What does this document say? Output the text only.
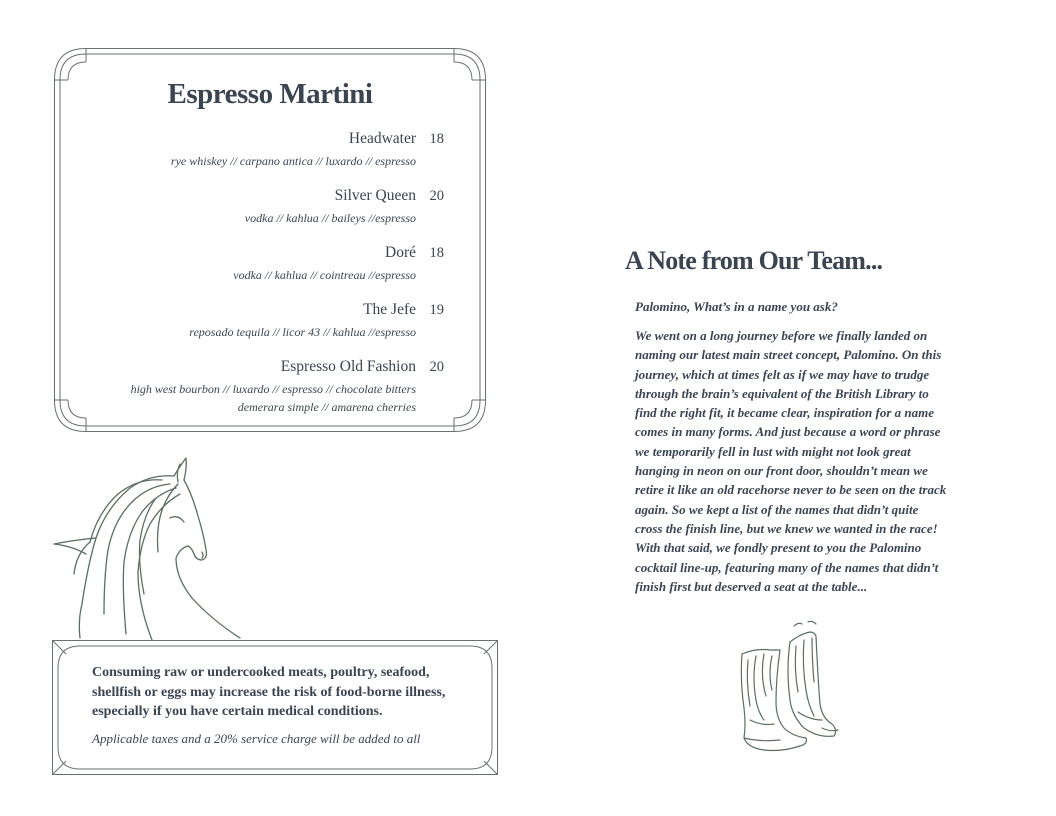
Espresso Martini
Headwater 18
rye whiskey // carpano antica // luxardo // espresso
Silver Queen 20
vodka // kahlua // baileys //espresso
Doré 18
vodka // kahlua // cointreau //espresso
The Jefe 19
reposado tequila // licor 43 // kahlua //espresso
Espresso Old Fashion 20
high west bourbon // luxardo // espresso // chocolate bitters
demerara simple // amarena cherries
Consuming raw or undercooked meats, poultry, seafood, shellfish or eggs may increase the risk of food-borne illness, especially if you have certain medical conditions.
Applicable taxes and a 20% service charge will be added to all
A Note from Our Team...
Palomino, What’s in a name you ask?
We went on a long journey before we finally landed on
naming our latest main street concept, Palomino. On this
journey, which at times felt as if we may have to trudge
through the brain’s equivalent of the British Library to
find the right fit, it became clear, inspiration for a name
comes in many forms. And just because a word or phrase
we temporarily fell in lust with might not look great
hanging in neon on our front door, shouldn’t mean we
retire it like an old racehorse never to be seen on the track
again. So we kept a list of the names that didn’t quite
cross the finish line, but we knew we wanted in the race!
With that said, we fondly present to you the Palomino
cocktail line-up, featuring many of the names that didn’t
finish first but deserved a seat at the table...
